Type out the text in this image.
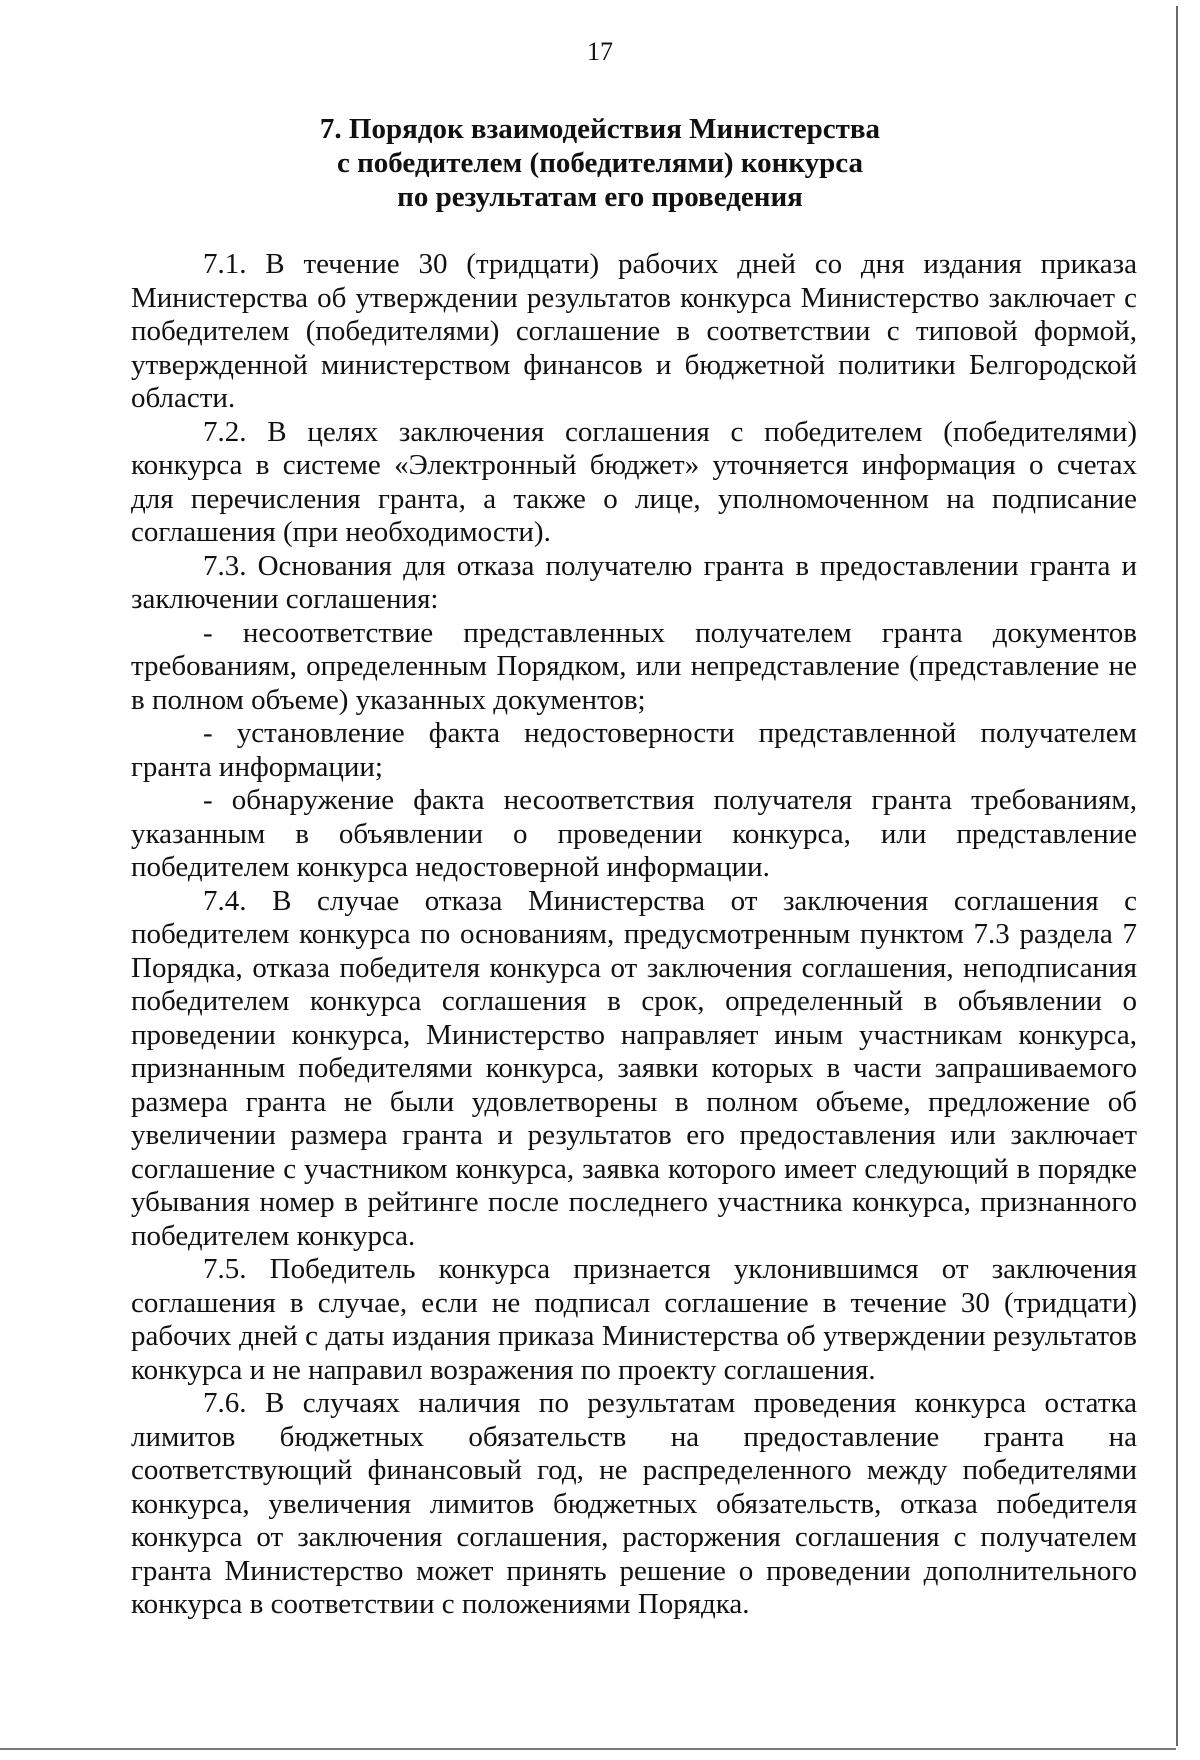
17
7. Порядок взаимодействия Министерства
с победителем (победителями) конкурса
по результатам его проведения

7.1. В течение 30 (тридцати) рабочих дней со дня издания приказа Министерства об утверждении результатов конкурса Министерство заключает с победителем (победителями) соглашение в соответствии с типовой формой, утвержденной министерством финансов и бюджетной политики Белгородской области.

7.2. В целях заключения соглашения с победителем (победителями) конкурса в системе «Электронный бюджет» уточняется информация о счетах для перечисления гранта, а также о лице, уполномоченном на подписание соглашения (при необходимости).

7.3. Основания для отказа получателю гранта в предоставлении гранта и заключении соглашения:

- несоответствие представленных получателем гранта документов требованиям, определенным Порядком, или непредставление (представление не в полном объеме) указанных документов;

- установление факта недостоверности представленной получателем гранта информации;

- обнаружение факта несоответствия получателя гранта требованиям, указанным в объявлении о проведении конкурса, или представление победителем конкурса недостоверной информации.

7.4. В случае отказа Министерства от заключения соглашения с победителем конкурса по основаниям, предусмотренным пунктом 7.3 раздела 7 Порядка, отказа победителя конкурса от заключения соглашения, неподписания победителем конкурса соглашения в срок, определенный в объявлении о проведении конкурса, Министерство направляет иным участникам конкурса, признанным победителями конкурса, заявки которых в части запрашиваемого размера гранта не были удовлетворены в полном объеме, предложение об увеличении размера гранта и результатов его предоставления или заключает соглашение с участником конкурса, заявка которого имеет следующий в порядке убывания номер в рейтинге после последнего участника конкурса, признанного победителем конкурса.

7.5. Победитель конкурса признается уклонившимся от заключения соглашения в случае, если не подписал соглашение в течение 30 (тридцати) рабочих дней с даты издания приказа Министерства об утверждении результатов конкурса и не направил возражения по проекту соглашения.

7.6. В случаях наличия по результатам проведения конкурса остатка лимитов бюджетных обязательств на предоставление гранта на соответствующий финансовый год, не распределенного между победителями конкурса, увеличения лимитов бюджетных обязательств, отказа победителя конкурса от заключения соглашения, расторжения соглашения с получателем гранта Министерство может принять решение о проведении дополнительного конкурса в соответствии с положениями Порядка.
